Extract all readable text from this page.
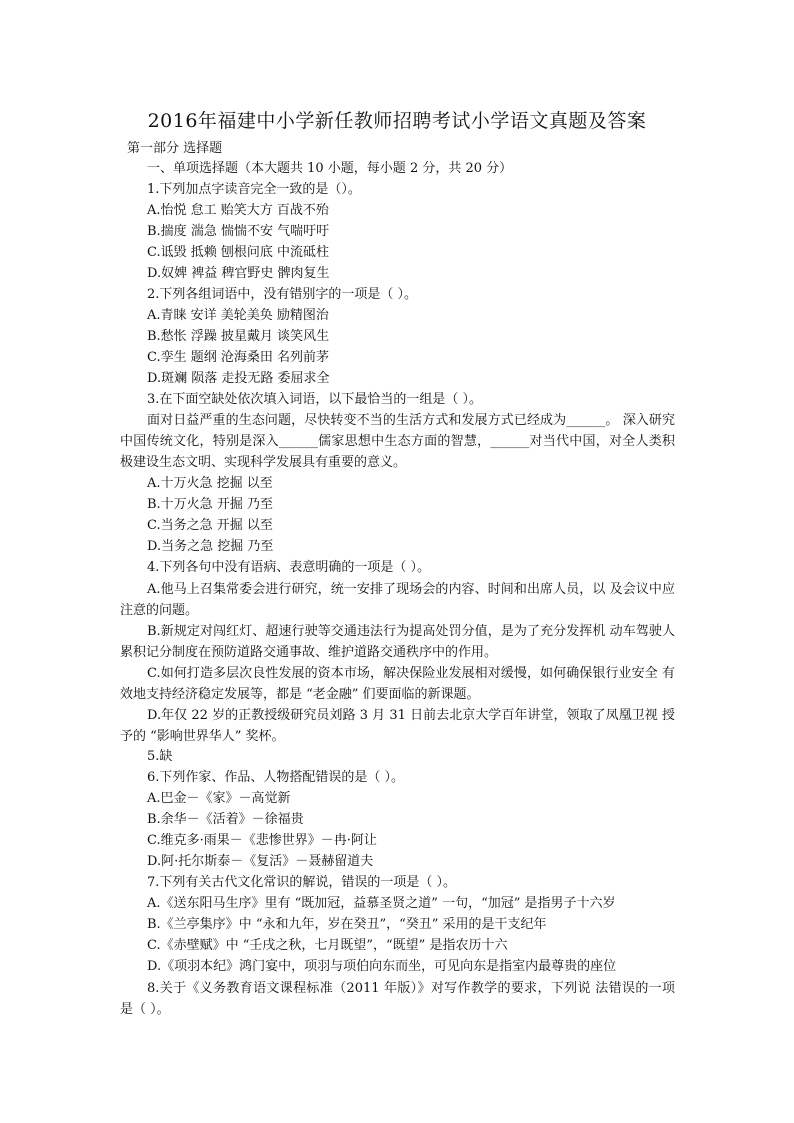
2016年福建中小学新任教师招聘考试小学语文真题及答案
第一部分 选择题
一、单项选择题（本大题共 10 小题，每小题 2 分，共 20 分）
1.下列加点字读音完全一致的是（）。
A.怡悦 怠工 贻笑大方 百战不殆
B.揣度 湍急 惴惴不安 气喘吁吁
C.诋毁 抵赖 刨根问底 中流砥柱
D.奴婢 裨益 稗官野史 髀肉复生
2.下列各组词语中，没有错别字的一项是（ ）。
A.青睐 安详 美轮美奂 励精图治
B.愁怅 浮躁 披星戴月 谈笑风生
C.孪生 题纲 沧海桑田 名列前茅
D.斑斓 陨落 走投无路 委屈求全
3.在下面空缺处依次填入词语，以下最恰当的一组是（ ）。
面对日益严重的生态问题，尽快转变不当的生活方式和发展方式已经成为______。 深入研究中国传统文化，特别是深入______儒家思想中生态方面的智慧，______对当代中国，对全人类积极建设生态文明、实现科学发展具有重要的意义。
A.十万火急 挖掘 以至
B.十万火急 开掘 乃至
C.当务之急 开掘 以至
D.当务之急 挖掘 乃至
4.下列各句中没有语病、表意明确的一项是（ ）。
A.他马上召集常委会进行研究，统一安排了现场会的内容、时间和出席人员，以 及会议中应注意的问题。
B.新规定对闯红灯、超速行驶等交通违法行为提高处罚分值，是为了充分发挥机 动车驾驶人累积记分制度在预防道路交通事故、维护道路交通秩序中的作用。
C.如何打造多层次良性发展的资本市场，解决保险业发展相对缓慢，如何确保银行业安全 有效地支持经济稳定发展等，都是 “老金融” 们要面临的新课题。
D.年仅 22 岁的正教授级研究员刘路 3 月 31 日前去北京大学百年讲堂，领取了凤凰卫视 授予的 “影响世界华人” 奖杯。
5.缺
6.下列作家、作品、人物搭配错误的是（ ）。
A.巴金－《家》－高觉新
B.余华－《活着》－徐福贵
C.维克多·雨果－《悲惨世界》－冉·阿让
D.阿·托尔斯泰－《复活》－聂赫留道夫
7.下列有关古代文化常识的解说，错误的一项是（ ）。
A.《送东阳马生序》里有 “既加冠，益慕圣贤之道” 一句，“加冠” 是指男子十六岁
B.《兰亭集序》中 “永和九年，岁在癸丑”，“癸丑” 采用的是干支纪年
C.《赤壁赋》中 “壬戌之秋，七月既望”，“既望” 是指农历十六
D.《项羽本纪》鸿门宴中，项羽与项伯向东而坐，可见向东是指室内最尊贵的座位
8.关于《义务教育语文课程标准（2011 年版）》对写作教学的要求，下列说 法错误的一项是（ ）。
